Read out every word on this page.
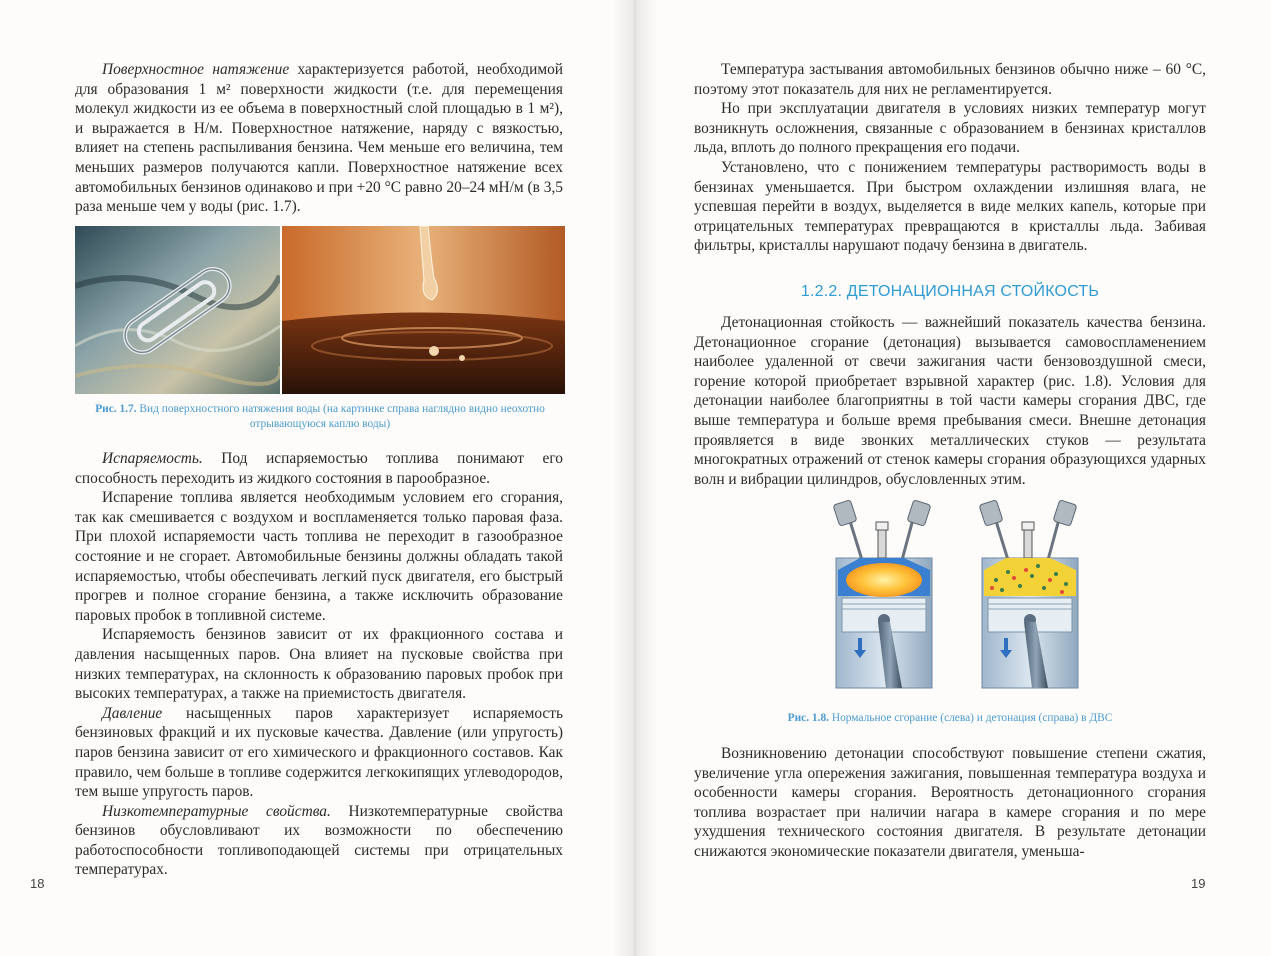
Поверхностное натяжение характеризуется работой, необходимой для образования 1 м² поверхности жидкости (т.е. для перемещения молекул жидкости из ее объема в поверхностный слой площадью в 1 м²), и выражается в Н/м. Поверхностное натяжение, наряду с вязкостью, влияет на степень распыливания бензина. Чем меньше его величина, тем меньших размеров получаются капли. Поверхностное натяжение всех автомобильных бензинов одинаково и при +20 °С равно 20–24 мН/м (в 3,5 раза меньше чем у воды (рис. 1.7).

Рис. 1.7. Вид поверхностного натяжения воды (на картинке справа наглядно видно неохотно отрывающуюся каплю воды)

Испаряемость. Под испаряемостью топлива понимают его способность переходить из жидкого состояния в парообразное.

Испарение топлива является необходимым условием его сгорания, так как смешивается с воздухом и воспламеняется только паровая фаза. При плохой испаряемости часть топлива не переходит в газообразное состояние и не сгорает. Автомобильные бензины должны обладать такой испаряемостью, чтобы обеспечивать легкий пуск двигателя, его быстрый прогрев и полное сгорание бензина, а также исключить образование паровых пробок в топливной системе.

Испаряемость бензинов зависит от их фракционного состава и давления насыщенных паров. Она влияет на пусковые свойства при низких температурах, на склонность к образованию паровых пробок при высоких температурах, а также на приемистость двигателя.

Давление насыщенных паров характеризует испаряемость бензиновых фракций и их пусковые качества. Давление (или упругость) паров бензина зависит от его химического и фракционного составов. Как правило, чем больше в топливе содержится легкокипящих углеводородов, тем выше упругость паров.

Низкотемпературные свойства. Низкотемпературные свойства бензинов обусловливают их возможности по обеспечению работоспособности топливоподающей системы при отрицательных температурах.

18

Температура застывания автомобильных бензинов обычно ниже – 60 °С, поэтому этот показатель для них не регламентируется.

Но при эксплуатации двигателя в условиях низких температур могут возникнуть осложнения, связанные с образованием в бензинах кристаллов льда, вплоть до полного прекращения его подачи.

Установлено, что с понижением температуры растворимость воды в бензинах уменьшается. При быстром охлаждении излишняя влага, не успевшая перейти в воздух, выделяется в виде мелких капель, которые при отрицательных температурах превращаются в кристаллы льда. Забивая фильтры, кристаллы нарушают подачу бензина в двигатель.

1.2.2. ДЕТОНАЦИОННАЯ СТОЙКОСТЬ

Детонационная стойкость — важнейший показатель качества бензина. Детонационное сгорание (детонация) вызывается самовоспламенением наиболее удаленной от свечи зажигания части бензовоздушной смеси, горение которой приобретает взрывной характер (рис. 1.8). Условия для детонации наиболее благоприятны в той части камеры сгорания ДВС, где выше температура и больше время пребывания смеси. Внешне детонация проявляется в виде звонких металлических стуков — результата многократных отражений от стенок камеры сгорания образующихся ударных волн и вибрации цилиндров, обусловленных этим.

Рис. 1.8. Нормальное сгорание (слева) и детонация (справа) в ДВС

Возникновению детонации способствуют повышение степени сжатия, увеличение угла опережения зажигания, повышенная температура воздуха и особенности камеры сгорания. Вероятность детонационного сгорания топлива возрастает при наличии нагара в камере сгорания и по мере ухудшения технического состояния двигателя. В результате детонации снижаются экономические показатели двигателя, уменьша-

19
